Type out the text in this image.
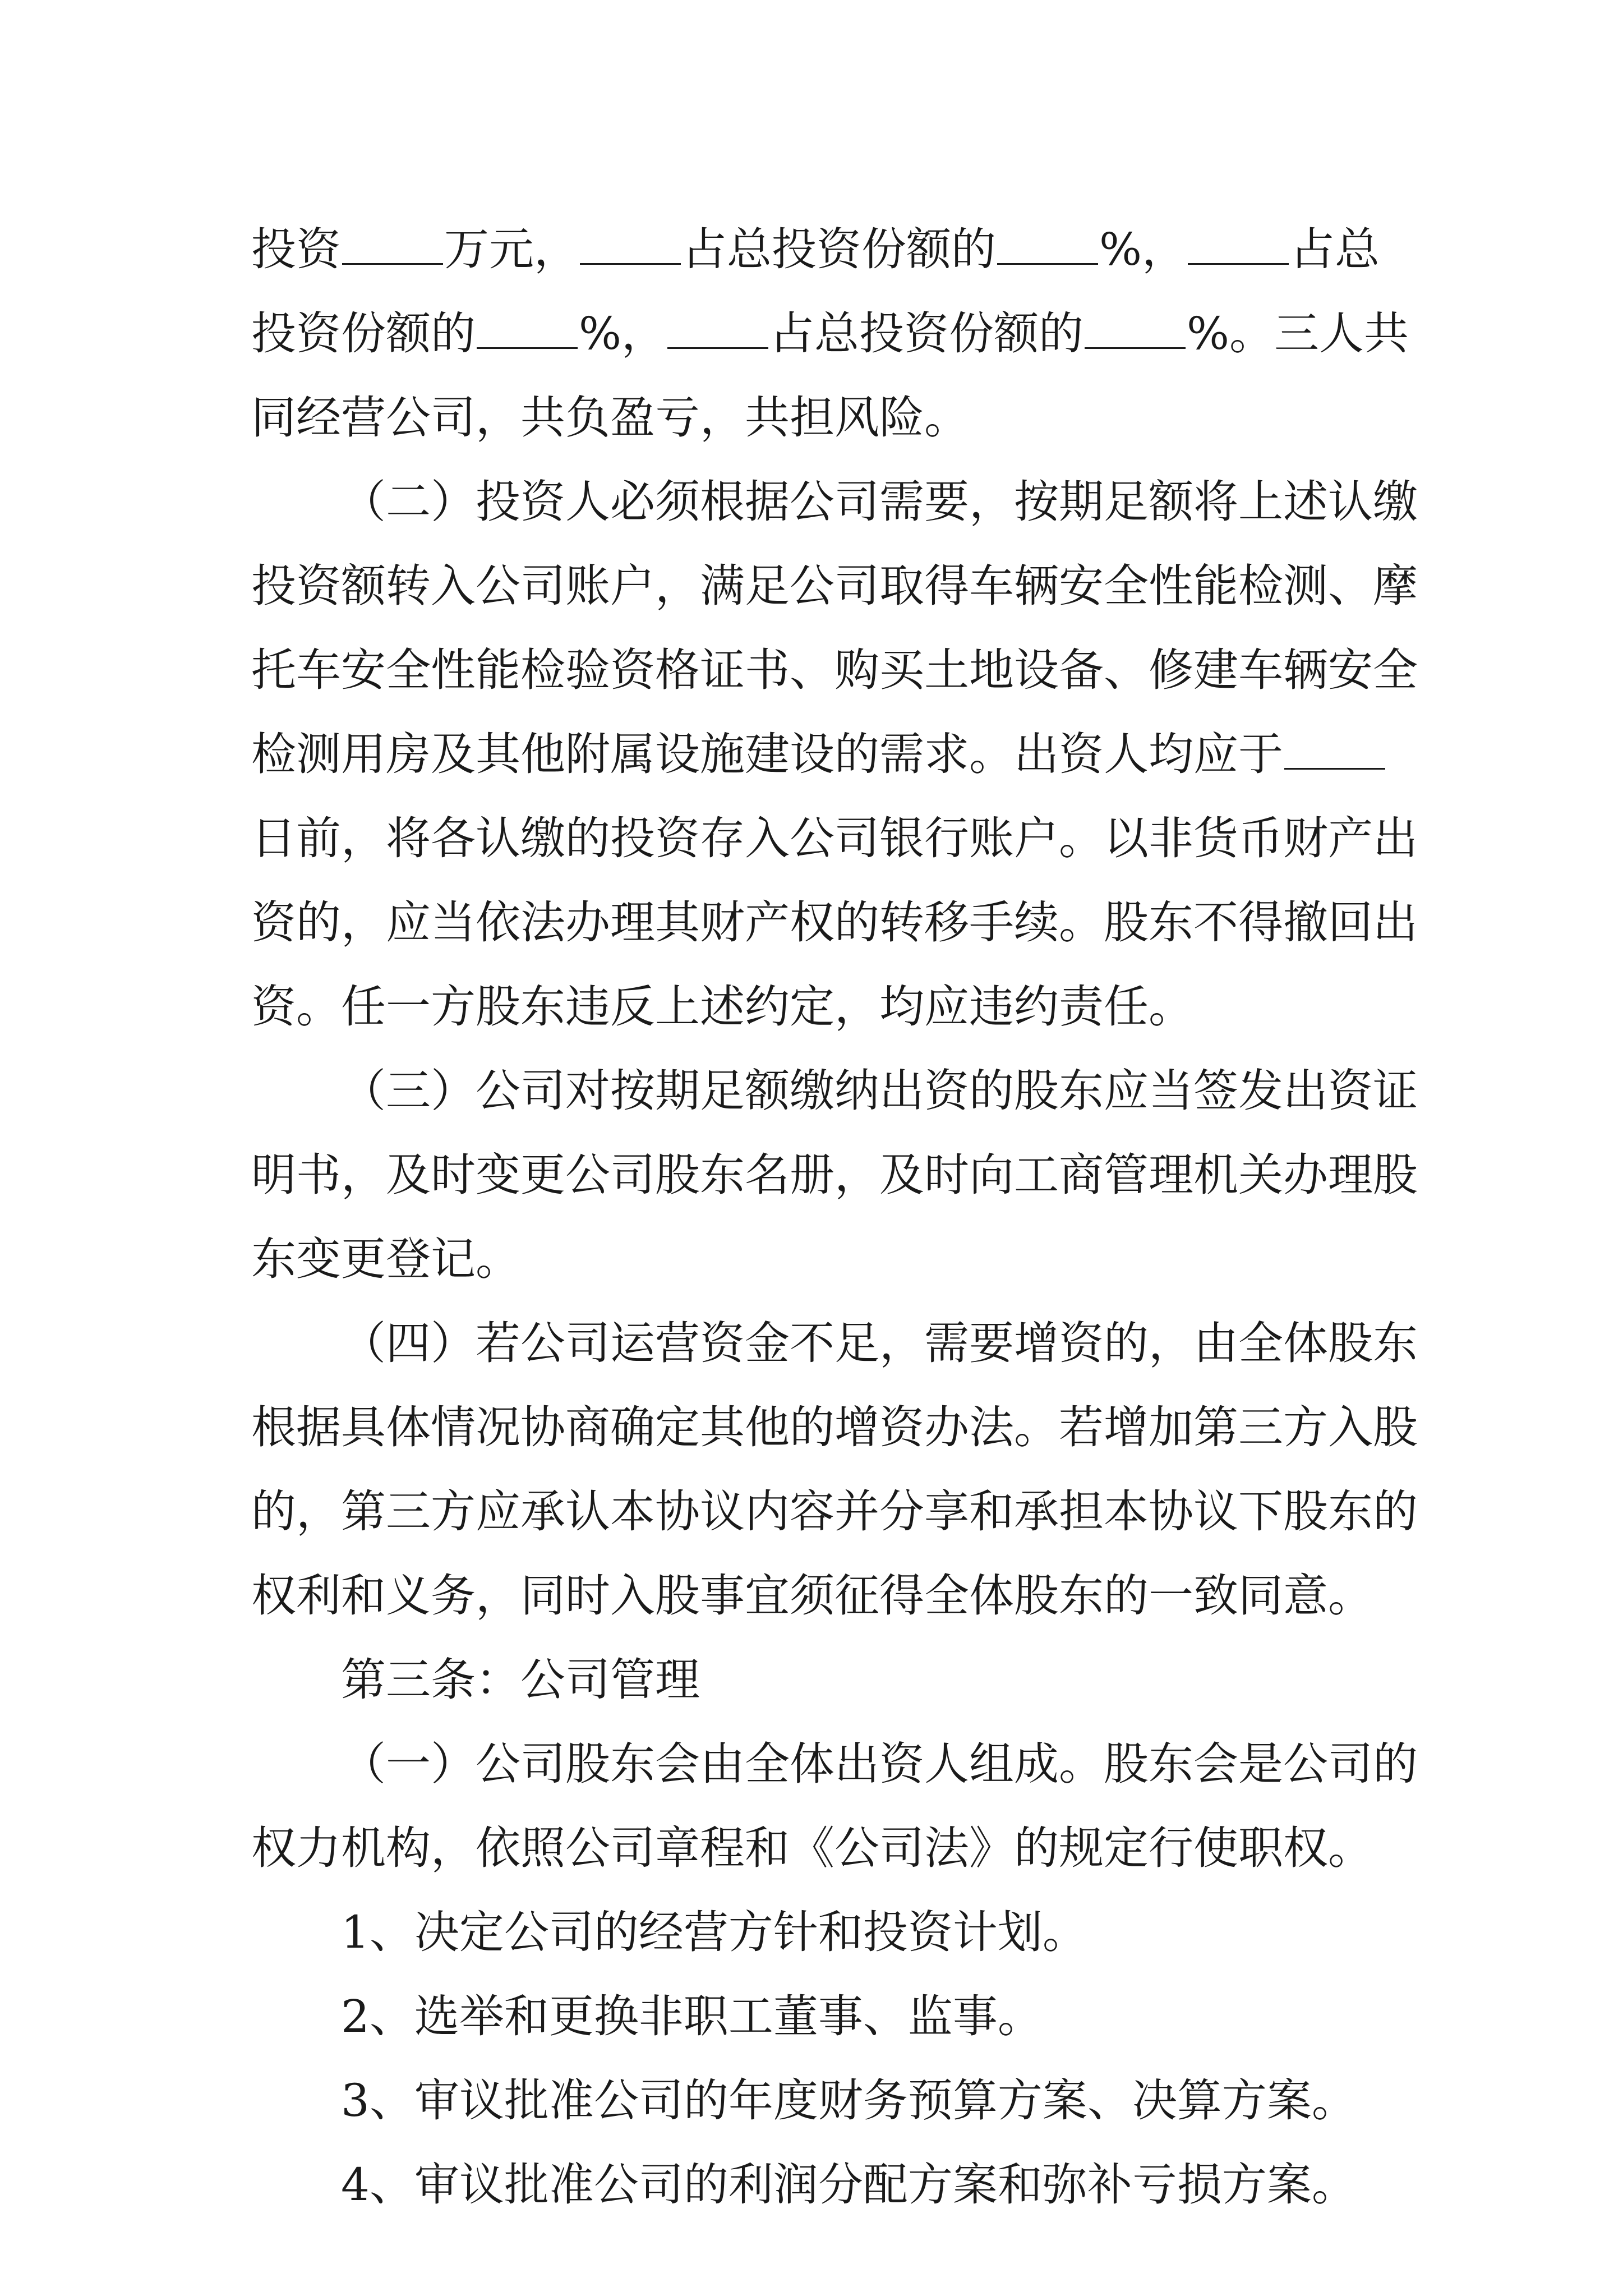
投资 万元， 占总投资份额的 %， 占总
投资份额的 %， 占总投资份额的 %。三人共
同经营公司，共负盈亏，共担风险。
（二）投资人必须根据公司需要，按期足额将上述认缴
投资额转入公司账户，满足公司取得车辆安全性能检测、摩
托车安全性能检验资格证书、购买土地设备、修建车辆安全
检测用房及其他附属设施建设的需求。出资人均应于
日前，将各认缴的投资存入公司银行账户。以非货币财产出
资的，应当依法办理其财产权的转移手续。股东不得撤回出
资。任一方股东违反上述约定，均应违约责任。
（三）公司对按期足额缴纳出资的股东应当签发出资证
明书，及时变更公司股东名册，及时向工商管理机关办理股
东变更登记。
（四）若公司运营资金不足，需要增资的，由全体股东
根据具体情况协商确定其他的增资办法。若增加第三方入股
的，第三方应承认本协议内容并分享和承担本协议下股东的
权利和义务，同时入股事宜须征得全体股东的一致同意。
第三条：公司管理
（一）公司股东会由全体出资人组成。股东会是公司的
权力机构，依照公司章程和《公司法》的规定行使职权。
1、决定公司的经营方针和投资计划。
2、选举和更换非职工董事、监事。
3、审议批准公司的年度财务预算方案、决算方案。
4、审议批准公司的利润分配方案和弥补亏损方案。
